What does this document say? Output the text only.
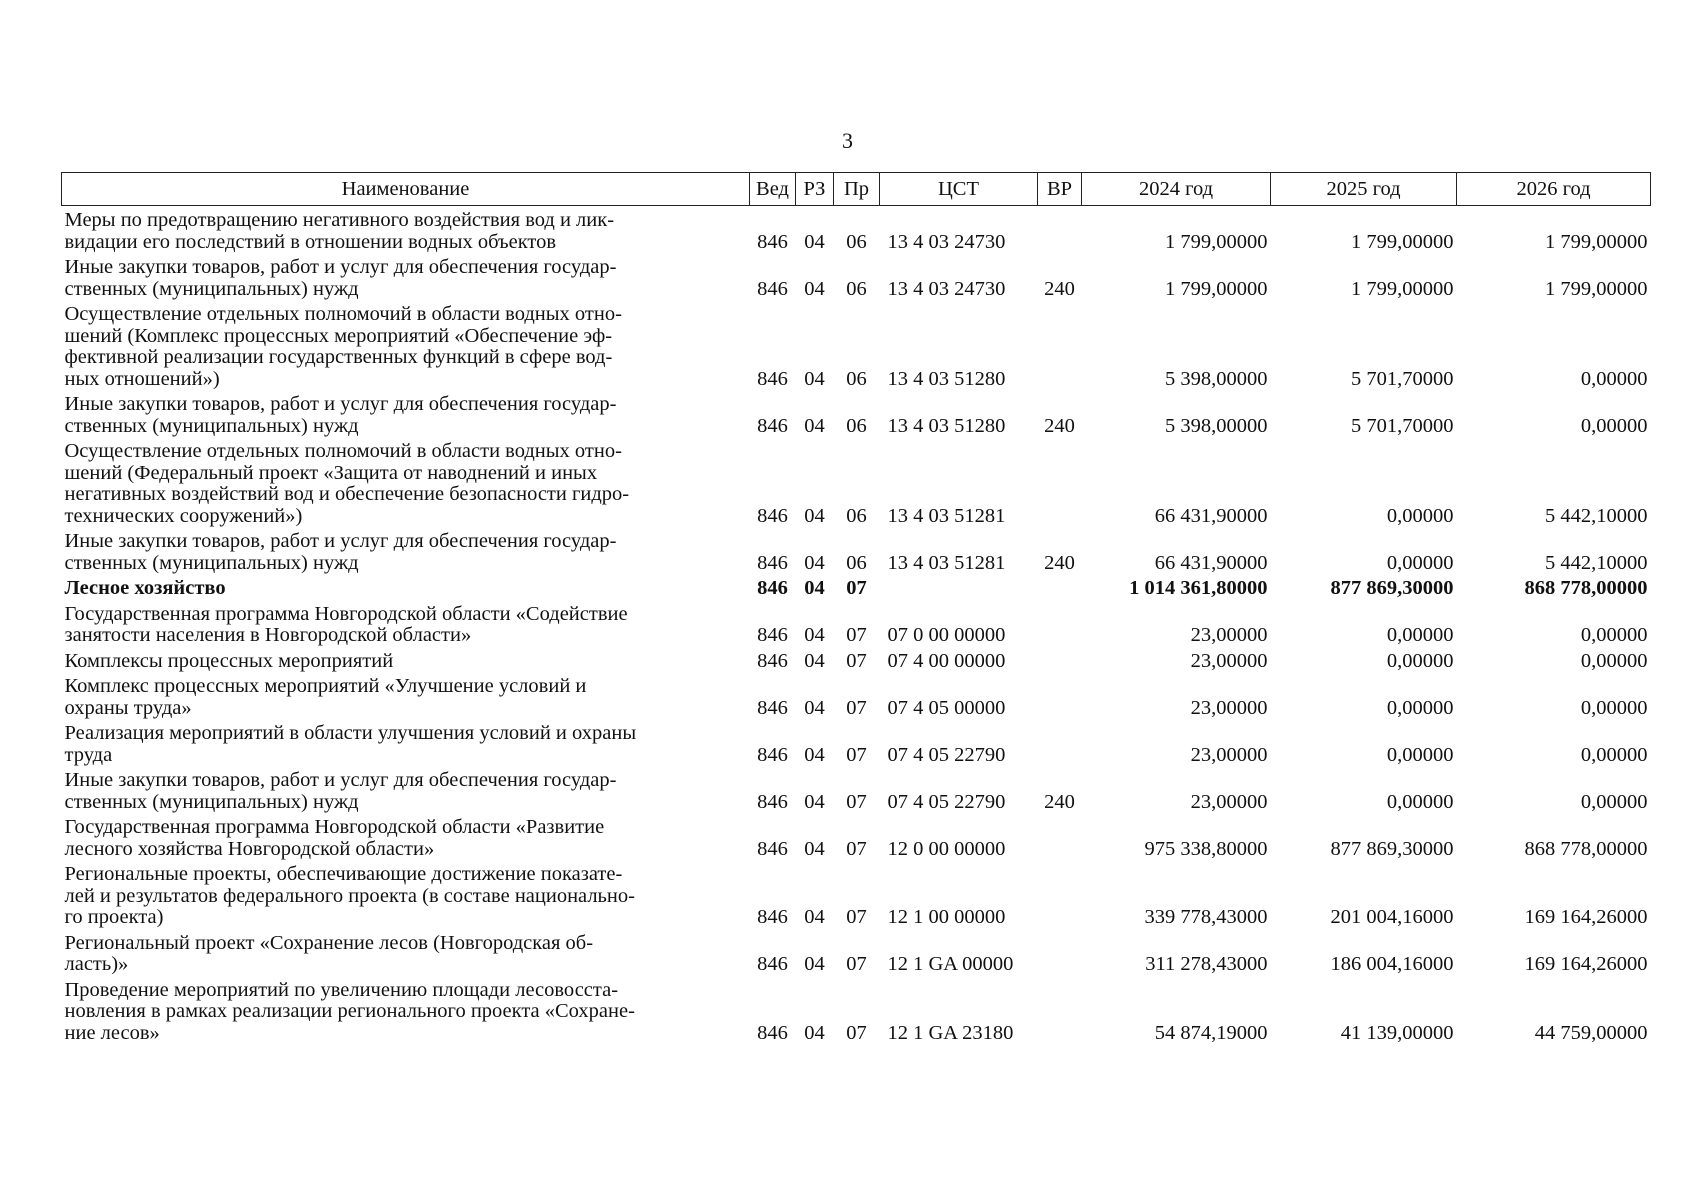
3
Наименование	Вед	РЗ	Пр	ЦСТ	ВР	2024 год	2025 год	2026 год

Меры по предотвращению негативного воздействия вод и лик-
видации его последствий в отношении водных объектов	846	04	06	13 4 03 24730		1 799,00000	1 799,00000	1 799,00000

Иные закупки товаров, работ и услуг для обеспечения государ-
ственных (муниципальных) нужд	846	04	06	13 4 03 24730	240	1 799,00000	1 799,00000	1 799,00000

Осуществление отдельных полномочий в области водных отно-
шений (Комплекс процессных мероприятий «Обеспечение эф-
фективной реализации государственных функций в сфере вод-
ных отношений»)	846	04	06	13 4 03 51280		5 398,00000	5 701,70000	0,00000

Иные закупки товаров, работ и услуг для обеспечения государ-
ственных (муниципальных) нужд	846	04	06	13 4 03 51280	240	5 398,00000	5 701,70000	0,00000

Осуществление отдельных полномочий в области водных отно-
шений (Федеральный проект «Защита от наводнений и иных
негативных воздействий вод и обеспечение безопасности гидро-
технических сооружений»)	846	04	06	13 4 03 51281		66 431,90000	0,00000	5 442,10000

Иные закупки товаров, работ и услуг для обеспечения государ-
ственных (муниципальных) нужд	846	04	06	13 4 03 51281	240	66 431,90000	0,00000	5 442,10000

Лесное хозяйство	846	04	07			1 014 361,80000	877 869,30000	868 778,00000

Государственная программа Новгородской области «Содействие
занятости населения в Новгородской области»	846	04	07	07 0 00 00000		23,00000	0,00000	0,00000

Комплексы процессных мероприятий	846	04	07	07 4 00 00000		23,00000	0,00000	0,00000

Комплекс процессных мероприятий «Улучшение условий и
охраны труда»	846	04	07	07 4 05 00000		23,00000	0,00000	0,00000

Реализация мероприятий в области улучшения условий и охраны
труда	846	04	07	07 4 05 22790		23,00000	0,00000	0,00000

Иные закупки товаров, работ и услуг для обеспечения государ-
ственных (муниципальных) нужд	846	04	07	07 4 05 22790	240	23,00000	0,00000	0,00000

Государственная программа Новгородской области «Развитие
лесного хозяйства Новгородской области»	846	04	07	12 0 00 00000		975 338,80000	877 869,30000	868 778,00000

Региональные проекты, обеспечивающие достижение показате-
лей и результатов федерального проекта (в составе национально-
го проекта)	846	04	07	12 1 00 00000		339 778,43000	201 004,16000	169 164,26000

Региональный проект «Сохранение лесов (Новгородская об-
ласть)»	846	04	07	12 1 GA 00000		311 278,43000	186 004,16000	169 164,26000

Проведение мероприятий по увеличению площади лесовосста-
новления в рамках реализации регионального проекта «Сохране-
ние лесов»	846	04	07	12 1 GA 23180		54 874,19000	41 139,00000	44 759,00000
